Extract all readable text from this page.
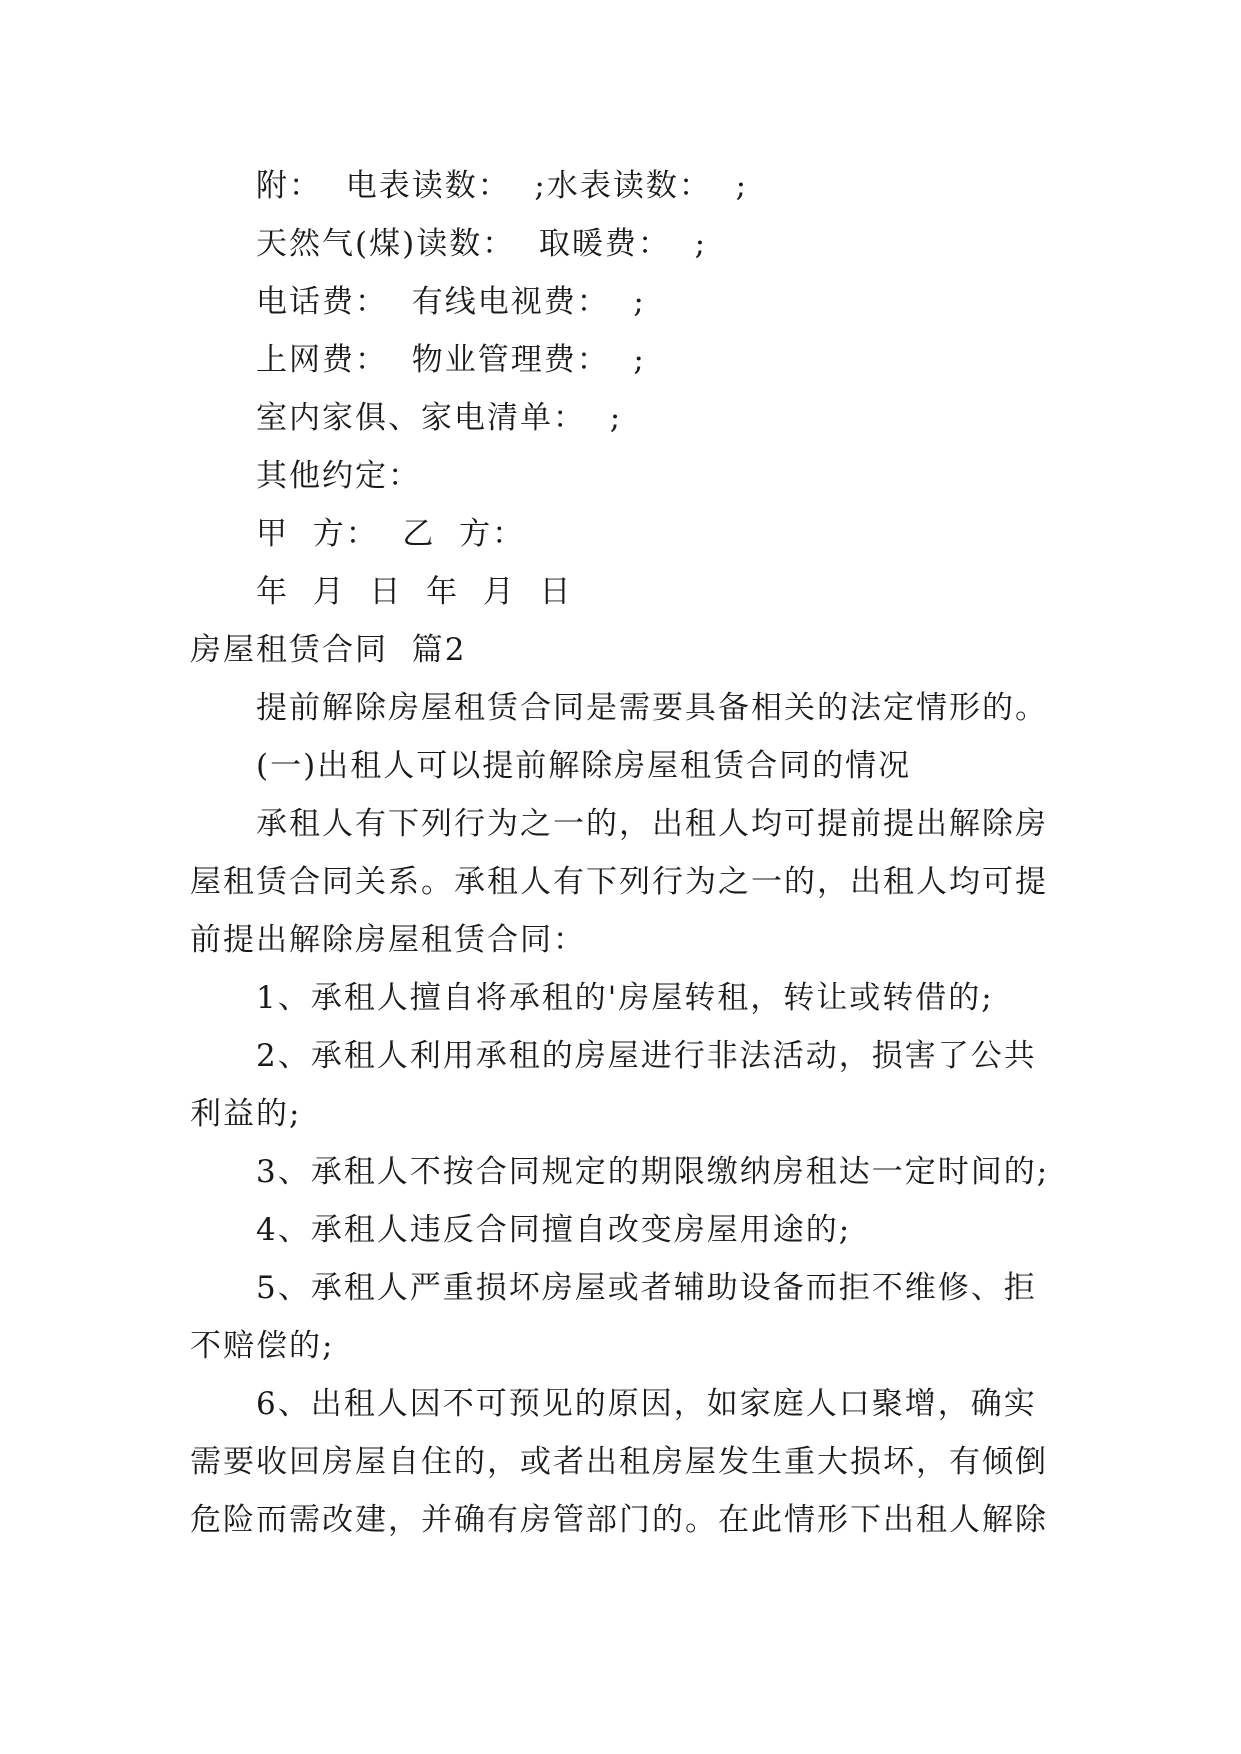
附：  电表读数：  ;水表读数：  ;
天然气(煤)读数：  取暖费：  ;
电话费：  有线电视费：  ;
上网费：  物业管理费：  ;
室内家俱、家电清单：  ;
其他约定：
甲  方：  乙  方：
年  月  日  年  月  日
房屋租赁合同  篇2
提前解除房屋租赁合同是需要具备相关的法定情形的。
(一)出租人可以提前解除房屋租赁合同的情况
承租人有下列行为之一的，出租人均可提前提出解除房
屋租赁合同关系。承租人有下列行为之一的，出租人均可提
前提出解除房屋租赁合同：
1、承租人擅自将承租的'房屋转租，转让或转借的;
2、承租人利用承租的房屋进行非法活动，损害了公共
利益的;
3、承租人不按合同规定的期限缴纳房租达一定时间的;
4、承租人违反合同擅自改变房屋用途的;
5、承租人严重损坏房屋或者辅助设备而拒不维修、拒
不赔偿的;
6、出租人因不可预见的原因，如家庭人口聚增，确实
需要收回房屋自住的，或者出租房屋发生重大损坏，有倾倒
危险而需改建，并确有房管部门的。在此情形下出租人解除
